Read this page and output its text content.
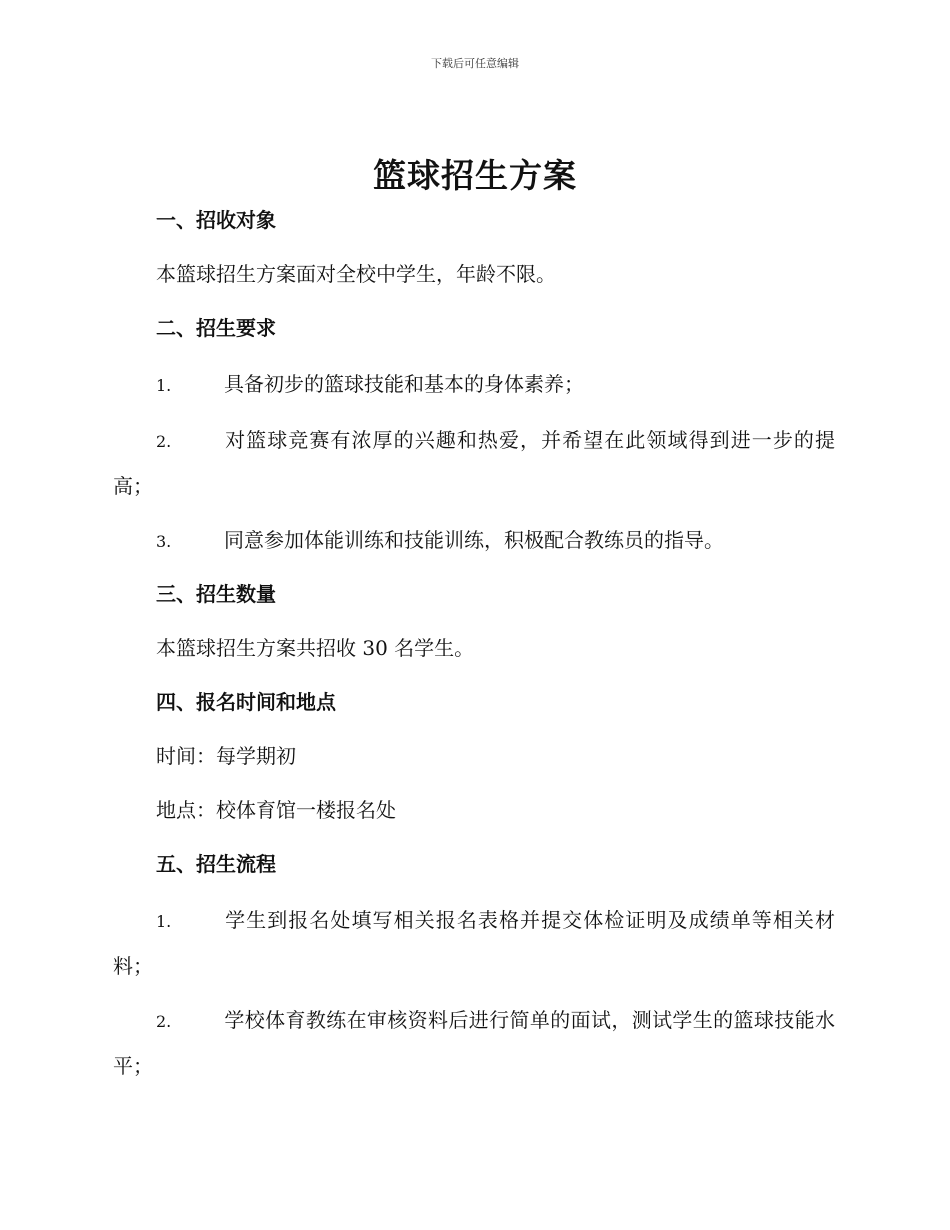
下载后可任意编辑
篮球招生方案
一、招收对象
本篮球招生方案面对全校中学生，年龄不限。
二、招生要求

1.	具备初步的篮球技能和基本的身体素养；

2.	对篮球竞赛有浓厚的兴趣和热爱，并希望在此领域得到进一步的提高；

3.	同意参加体能训练和技能训练，积极配合教练员的指导。

三、招生数量
本篮球招生方案共招收 30 名学生。
四、报名时间和地点
时间：每学期初
地点：校体育馆一楼报名处
五、招生流程

1.	学生到报名处填写相关报名表格并提交体检证明及成绩单等相关材料；

2.	学校体育教练在审核资料后进行简单的面试，测试学生的篮球技能水平；
